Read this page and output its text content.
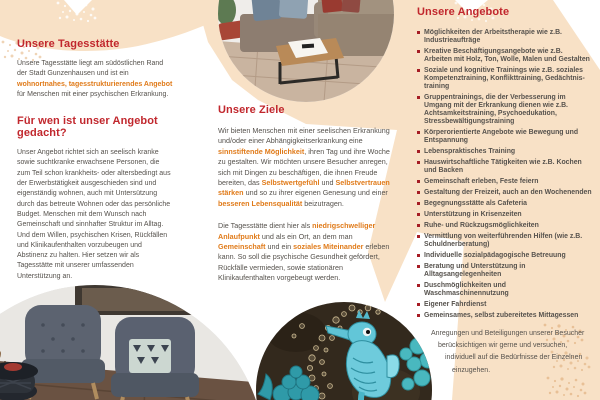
Unsere Tagesstätte

Unsere Tagesstätte liegt am südöstlichen Rand der Stadt Gunzenhausen und ist ein wohnortnahes, tagesstrukturierendes Angebot für Menschen mit einer psychischen Erkrankung.

Für wen ist unser Angebot gedacht?

Unser Angebot richtet sich an seelisch kranke sowie suchtkranke erwachsene Personen, die zum Teil schon krankheits- oder altersbedingt aus der Erwerbstätigkeit ausgeschieden sind und eigenständig wohnen, auch mit Untersützung durch das betreute Wohnen oder das persönliche Budget. Menschen mit dem Wunsch nach Gemeinschaft und sinnhafter Struktur im Alltag. Und dem Willen, psychischen Krisen, Rückfällen und Klinikaufenthalten vorzubeugen und Abstinenz zu halten. Hier setzen wir als Tagesstätte mit unserer umfassenden Unterstützung an.

Unsere Ziele

Wir bieten Menschen mit einer seelischen Erkrankung und/oder einer Abhängigkeitserkrankung eine sinnstiftende Möglichkeit, ihren Tag und ihre Woche zu gestalten. Wir möchten unsere Besucher anregen, sich mit Dingen zu beschäftigen, die ihnen Freude bereiten, das Selbstwertgefühl und Selbstvertrauen stärken und so zu ihrer eigenen Genesung und einer besseren Lebensqualität beizutragen.

Die Tagesstätte dient hier als niedrigschwelliger Anlaufpunkt und als ein Ort, an dem man Gemeinschaft und ein soziales Miteinander erleben kann. So soll die psychische Gesundheit gefördert, Rückfälle vermieden, sowie stationären Klinikaufenthalten vorgebeugt werden.

Unsere Angebote
Möglichkeiten der Arbeitstherapie wie z.B. Industrieaufträge
Kreative Beschäftigungsangebote wie z.B. Arbeiten mit Holz, Ton, Wolle, Malen und Gestalten
Soziale und kognitive Trainings wie z.B. soziales Kompetenztraining, Konflikttraining, Gedächtnistraining
Gruppentrainings, die der Verbesserung im Umgang mit der Erkrankung dienen wie z.B. Achtsamkeitstraining, Psychoedukation, Stressbewältigungstraining
Körperorientierte Angebote wie Bewegung und Entspannung
Lebenspraktisches Training
Hauswirtschaftliche Tätigkeiten wie z.B. Kochen und Backen
Gemeinschaft erleben, Feste feiern
Gestaltung der Freizeit, auch an den Wochenenden
Begegnungsstätte als Cafeteria
Unterstützung in Krisenzeiten
Ruhe- und Rückzugsmöglichkeiten
Vermittlung von weiterführenden Hilfen (wie z.B. Schuldnerberatung)
Individuelle sozialpädagogische Betreuung
Beratung und Unterstützung in Alltagsangelegenheiten
Duschmöglichkeiten und Waschmaschinennutzung
Eigener Fahrdienst
Gemeinsames, selbst zubereitetes Mittagessen
Anregungen und Beteiligungen unserer Besucher
berücksichtigen wir gerne und versuchen,
individuell auf die Bedürfnisse der Einzelnen
einzugehen.
